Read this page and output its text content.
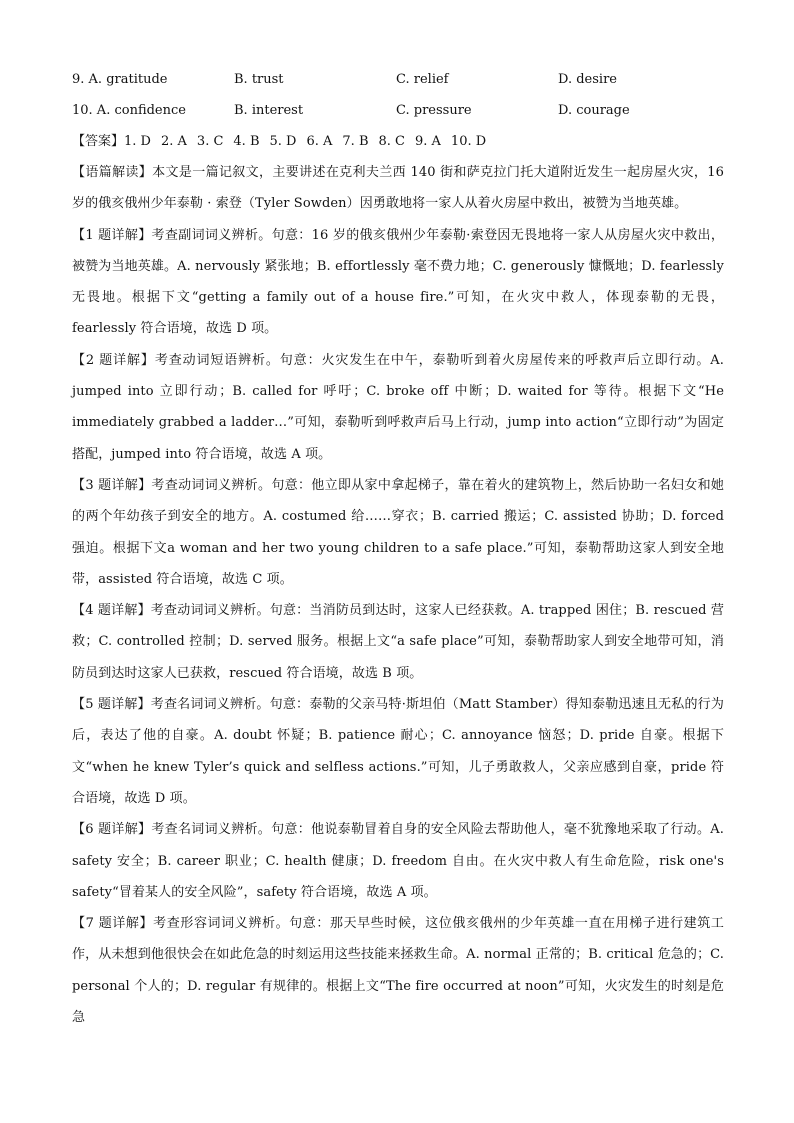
9. A. gratitude	B. trust	C. relief	D. desire
10. A. confidence	B. interest	C. pressure	D. courage
【答案】1. D 2. A 3. C 4. B 5. D 6. A 7. B 8. C 9. A 10. D

【语篇解读】本文是一篇记叙文，主要讲述在克利夫兰西 140 街和萨克拉门托大道附近发生一起房屋火灾，16 岁的俄亥俄州少年泰勒 · 索登（Tyler Sowden）因勇敢地将一家人从着火房屋中救出，被赞为当地英雄。

【1 题详解】考查副词词义辨析。句意：16 岁的俄亥俄州少年泰勒·索登因无畏地将一家人从房屋火灾中救出，被赞为当地英雄。A. nervously 紧张地；B. effortlessly 毫不费力地；C. generously 慷慨地；D. fearlessly 无畏地。根据下文“getting a family out of a house fire.”可知，在火灾中救人，体现泰勒的无畏，fearlessly 符合语境，故选 D 项。

【2 题详解】考查动词短语辨析。句意：火灾发生在中午，泰勒听到着火房屋传来的呼救声后立即行动。A. jumped into 立即行动；B. called for 呼吁；C. broke off 中断；D. waited for 等待。根据下文“He immediately grabbed a ladder…”可知，泰勒听到呼救声后马上行动，jump into action“立即行动”为固定搭配，jumped into 符合语境，故选 A 项。

【3 题详解】考查动词词义辨析。句意：他立即从家中拿起梯子，靠在着火的建筑物上，然后协助一名妇女和她的两个年幼孩子到安全的地方。A. costumed 给……穿衣；B. carried 搬运；C. assisted 协助；D. forced 强迫。根据下文a woman and her two young children to a safe place.”可知，泰勒帮助这家人到安全地带，assisted 符合语境，故选 C 项。

【4 题详解】考查动词词义辨析。句意：当消防员到达时，这家人已经获救。A. trapped 困住；B. rescued 营救；C. controlled 控制；D. served 服务。根据上文“a safe place”可知，泰勒帮助家人到安全地带可知，消防员到达时这家人已获救，rescued 符合语境，故选 B 项。

【5 题详解】考查名词词义辨析。句意：泰勒的父亲马特·斯坦伯（Matt Stamber）得知泰勒迅速且无私的行为后，表达了他的自豪。A. doubt 怀疑；B. patience 耐心；C. annoyance 恼怒；D. pride 自豪。根据下文“when he knew Tyler’s quick and selfless actions.”可知，儿子勇敢救人，父亲应感到自豪，pride 符合语境，故选 D 项。

【6 题详解】考查名词词义辨析。句意：他说泰勒冒着自身的安全风险去帮助他人，毫不犹豫地采取了行动。A. safety 安全；B. career 职业；C. health 健康；D. freedom 自由。在火灾中救人有生命危险，risk one's safety“冒着某人的安全风险”，safety 符合语境，故选 A 项。

【7 题详解】考查形容词词义辨析。句意：那天早些时候，这位俄亥俄州的少年英雄一直在用梯子进行建筑工作，从未想到他很快会在如此危急的时刻运用这些技能来拯救生命。A. normal 正常的；B. critical 危急的；C. personal 个人的；D. regular 有规律的。根据上文“The fire occurred at noon”可知，火灾发生的时刻是危急
